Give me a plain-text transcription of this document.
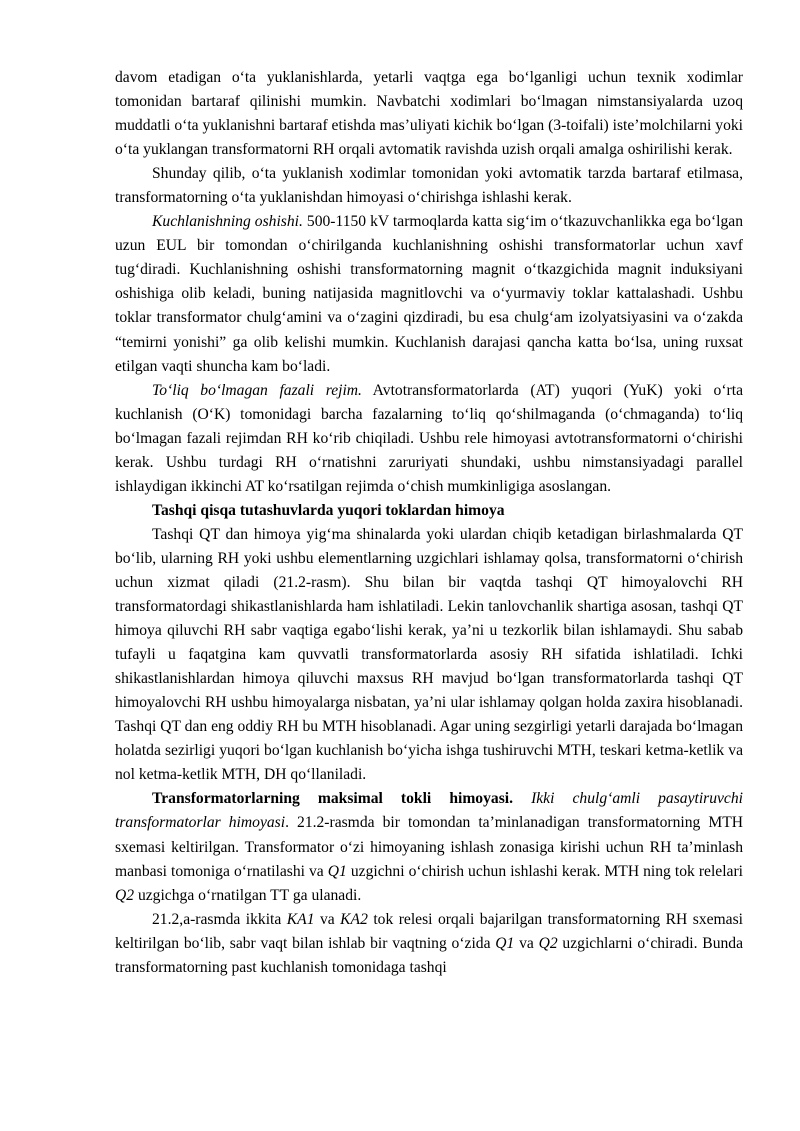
davom etadigan o‘ta yuklanishlarda, yetarli vaqtga ega bo‘lganligi uchun texnik xodimlar tomonidan bartaraf qilinishi mumkin. Navbatchi xodimlari bo‘lmagan nimstansiyalarda uzoq muddatli o‘ta yuklanishni bartaraf etishda mas’uliyati kichik bo‘lgan (3-toifali) iste’molchilarni yoki o‘ta yuklangan transformatorni RH orqali avtomatik ravishda uzish orqali amalga oshirilishi kerak.

Shunday qilib, o‘ta yuklanish xodimlar tomonidan yoki avtomatik tarzda bartaraf etilmasa, transformatorning o‘ta yuklanishdan himoyasi o‘chirishga ishlashi kerak.

Kuchlanishning oshishi. 500-1150 kV tarmoqlarda katta sig‘im o‘tkazuvchanlikka ega bo‘lgan uzun EUL bir tomondan o‘chirilganda kuchlanishning oshishi transformatorlar uchun xavf tug‘diradi. Kuchlanishning oshishi transformatorning magnit o‘tkazgichida magnit induksiyani oshishiga olib keladi, buning natijasida magnitlovchi va o‘yurmaviy toklar kattalashadi. Ushbu toklar transformator chulg‘amini va o‘zagini qizdiradi, bu esa chulg‘am izolyatsiyasini va o‘zakda “temirni yonishi” ga olib kelishi mumkin. Kuchlanish darajasi qancha katta bo‘lsa, uning ruxsat etilgan vaqti shuncha kam bo‘ladi.

To‘liq bo‘lmagan fazali rejim. Avtotransformatorlarda (AT) yuqori (YuK) yoki o‘rta kuchlanish (O‘K) tomonidagi barcha fazalarning to‘liq qo‘shilmaganda (o‘chmaganda) to‘liq bo‘lmagan fazali rejimdan RH ko‘rib chiqiladi. Ushbu rele himoyasi avtotransformatorni o‘chirishi kerak. Ushbu turdagi RH o‘rnatishni zaruriyati shundaki, ushbu nimstansiyadagi parallel ishlaydigan ikkinchi AT ko‘rsatilgan rejimda o‘chish mumkinligiga asoslangan.

Tashqi qisqa tutashuvlarda yuqori toklardan himoya

Tashqi QT dan himoya yig‘ma shinalarda yoki ulardan chiqib ketadigan birlashmalarda QT bo‘lib, ularning RH yoki ushbu elementlarning uzgichlari ishlamay qolsa, transformatorni o‘chirish uchun xizmat qiladi (21.2-rasm). Shu bilan bir vaqtda tashqi QT himoyalovchi RH transformatordagi shikastlanishlarda ham ishlatiladi. Lekin tanlovchanlik shartiga asosan, tashqi QT himoya qiluvchi RH sabr vaqtiga egabo‘lishi kerak, ya’ni u tezkorlik bilan ishlamaydi. Shu sabab tufayli u faqatgina kam quvvatli transformatorlarda asosiy RH sifatida ishlatiladi. Ichki shikastlanishlardan himoya qiluvchi maxsus RH mavjud bo‘lgan transformatorlarda tashqi QT himoyalovchi RH ushbu himoyalarga nisbatan, ya’ni ular ishlamay qolgan holda zaxira hisoblanadi. Tashqi QT dan eng oddiy RH bu MTH hisoblanadi. Agar uning sezgirligi yetarli darajada bo‘lmagan holatda sezirligi yuqori bo‘lgan kuchlanish bo‘yicha ishga tushiruvchi MTH, teskari ketma-ketlik va nol ketma-ketlik MTH, DH qo‘llaniladi.

Transformatorlarning maksimal tokli himoyasi. Ikki chulg‘amli pasaytiruvchi transformatorlar himoyasi. 21.2-rasmda bir tomondan ta’minlanadigan transformatorning MTH sxemasi keltirilgan. Transformator o‘zi himoyaning ishlash zonasiga kirishi uchun RH ta’minlash manbasi tomoniga o‘rnatilashi va Q1 uzgichni o‘chirish uchun ishlashi kerak. MTH ning tok relelari Q2 uzgichga o‘rnatilgan TT ga ulanadi.

21.2,a-rasmda ikkita KA1 va KA2 tok relesi orqali bajarilgan transformatorning RH sxemasi keltirilgan bo‘lib, sabr vaqt bilan ishlab bir vaqtning o‘zida Q1 va Q2 uzgichlarni o‘chiradi. Bunda transformatorning past kuchlanish tomonidaga tashqi
